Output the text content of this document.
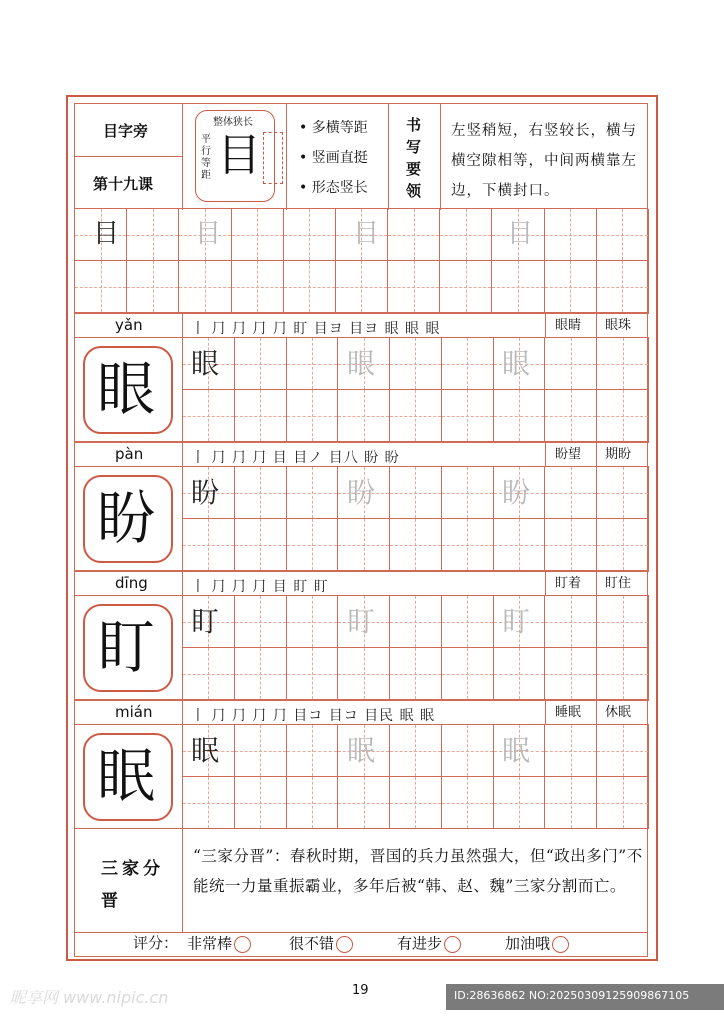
目字旁
第十九课
整体狭长
平行等距 目
• 多横等距
• 竖画直挺
• 形态竖长
书写要领
左竖稍短，右竖较长，横与横空隙相等，中间两横靠左边，下横封口。
目	目	目	目
yǎn	丨 ⺆ ⺆ ⺆ ⺆ 盯 目ヨ 目ヨ 眼 眼 眼	眼睛 眼珠
眼 眼	眼	眼
pàn	丨 ⺆ ⺆ ⺆ 目 目ノ 目八 盼 盼	盼望 期盼
盼 盼	盼	盼
dīng	丨 ⺆ ⺆ ⺆ 目 盯 盯	盯着 盯住
盯 盯	盯	盯
mián	丨 ⺆ ⺆ ⺆ ⺆ 目コ 目コ 目民 眠 眠	睡眠 休眠
眠 眠	眠	眠
三家分晋
“三家分晋”：春秋时期，晋国的兵力虽然强大，但“政出多门”不能统一力量重振霸业，多年后被“韩、赵、魏”三家分割而亡。
评分： 非常棒	很不错	有进步	加油哦
19
昵享网 www.nipic.cn	ID:28636862 NO:20250309125909867105
